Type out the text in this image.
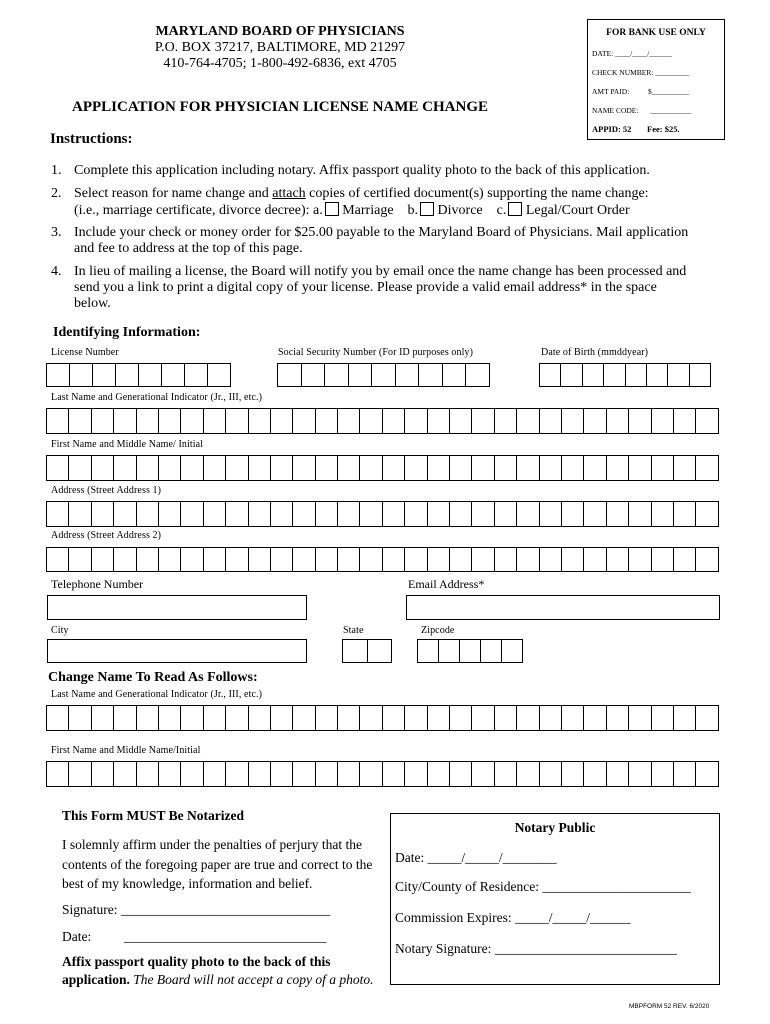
MARYLAND BOARD OF PHYSICIANS
P.O. BOX 37217, BALTIMORE, MD 21297
410-764-4705; 1-800-492-6836, ext 4705
APPLICATION FOR PHYSICIAN LICENSE NAME CHANGE
FOR BANK USE ONLY
DATE: ____/____/______
CHECK NUMBER: _________
AMT PAID: $__________
NAME CODE: ___________
APPID: 52 Fee: $25.
Instructions:
1. Complete this application including notary. Affix passport quality photo to the back of this application.
2. Select reason for name change and attach copies of certified document(s) supporting the name change:
(i.e., marriage certificate, divorce decree): a. Marriage b. Divorce c. Legal/Court Order
3. Include your check or money order for $25.00 payable to the Maryland Board of Physicians. Mail application
and fee to address at the top of this page.
4. In lieu of mailing a license, the Board will notify you by email once the name change has been processed and
send you a link to print a digital copy of your license. Please provide a valid email address* in the space
below.
Identifying Information:
License Number	Social Security Number (For ID purposes only)	Date of Birth (mmddyear)
Last Name and Generational Indicator (Jr., III, etc.)
First Name and Middle Name/ Initial
Address (Street Address 1)
Address (Street Address 2)
Telephone Number	Email Address*
City	State	Zipcode
Change Name To Read As Follows:
Last Name and Generational Indicator (Jr., III, etc.)
First Name and Middle Name/Initial
This Form MUST Be Notarized
I solemnly affirm under the penalties of perjury that the
contents of the foregoing paper are true and correct to the
best of my knowledge, information and belief.
Signature: _______________________________
Date: ______________________________
Affix passport quality photo to the back of this
application. The Board will not accept a copy of a photo.
Notary Public
Date: _____/_____/________
City/County of Residence: ______________________
Commission Expires: _____/_____/______
Notary Signature: ___________________________
MBPFORM 52 REV. 6/2020
